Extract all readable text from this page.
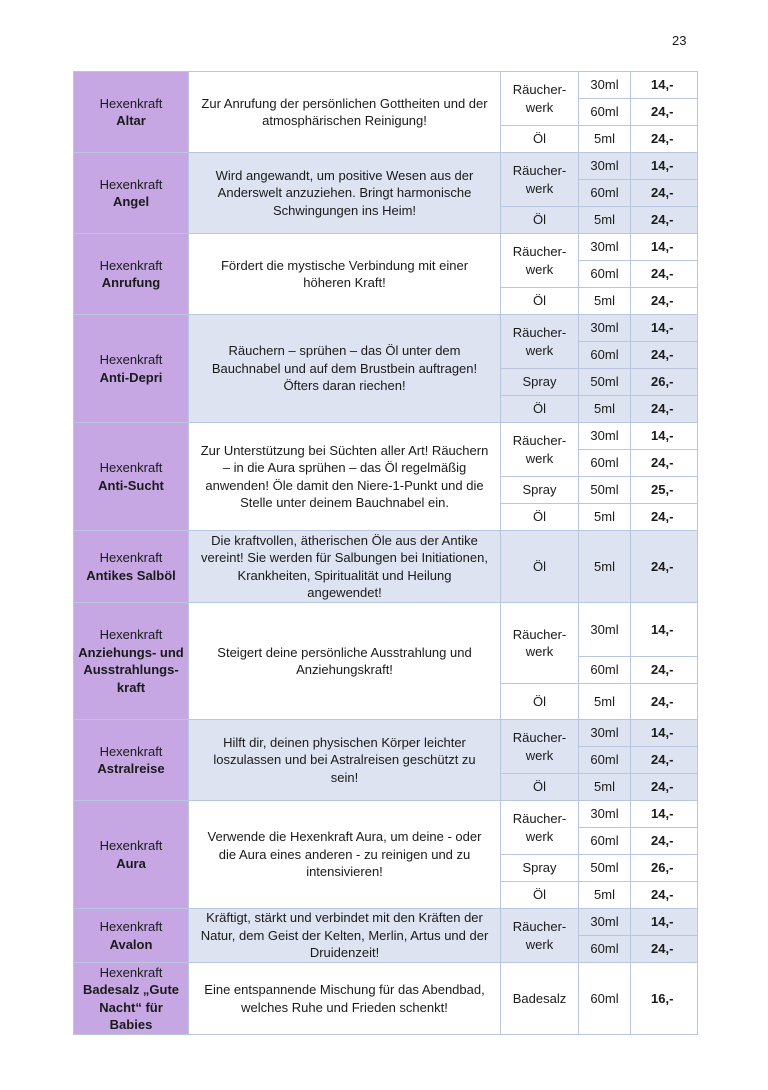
23
Hexenkraft
Altar	Zur Anrufung der persönlichen Gottheiten und der atmosphärischen Reinigung!	Räucher-werk	30ml	14,-
			60ml	24,-
		Öl	5ml	24,-

Hexenkraft
Angel	Wird angewandt, um positive Wesen aus der Anderswelt anzuziehen. Bringt harmonische Schwingungen ins Heim!	Räucher-werk	30ml	14,-
			60ml	24,-
		Öl	5ml	24,-

Hexenkraft
Anrufung	Fördert die mystische Verbindung mit einer höheren Kraft!	Räucher-werk	30ml	14,-
			60ml	24,-
		Öl	5ml	24,-

Hexenkraft
Anti-Depri	Räuchern – sprühen – das Öl unter dem Bauchnabel und auf dem Brustbein auftragen! Öfters daran riechen!	Räucher-werk	30ml	14,-
			60ml	24,-
		Spray	50ml	26,-
		Öl	5ml	24,-

Hexenkraft
Anti-Sucht	Zur Unterstützung bei Süchten aller Art! Räuchern – in die Aura sprühen – das Öl regelmäßig anwenden! Öle damit den Niere-1-Punkt und die Stelle unter deinem Bauchnabel ein.	Räucher-werk	30ml	14,-
			60ml	24,-
		Spray	50ml	25,-
		Öl	5ml	24,-

Hexenkraft
Antikes Salböl	Die kraftvollen, ätherischen Öle aus der Antike vereint! Sie werden für Salbungen bei Initiationen, Krankheiten, Spiritualität und Heilung angewendet!	Öl	5ml	24,-

Hexenkraft
Anziehungs- und Ausstrahlungs- kraft	Steigert deine persönliche Ausstrahlung und Anziehungskraft!	Räucher-werk	30ml	14,-
			60ml	24,-
		Öl	5ml	24,-

Hexenkraft
Astralreise	Hilft dir, deinen physischen Körper leichter loszulassen und bei Astralreisen geschützt zu sein!	Räucher-werk	30ml	14,-
			60ml	24,-
		Öl	5ml	24,-

Hexenkraft
Aura	Verwende die Hexenkraft Aura, um deine - oder die Aura eines anderen - zu reinigen und zu intensivieren!	Räucher-werk	30ml	14,-
			60ml	24,-
		Spray	50ml	26,-
		Öl	5ml	24,-

Hexenkraft
Avalon	Kräftigt, stärkt und verbindet mit den Kräften der Natur, dem Geist der Kelten, Merlin, Artus und der Druidenzeit!	Räucher-werk	30ml	14,-
			60ml	24,-

Hexenkraft
Badesalz „Gute Nacht“ für Babies	Eine entspannende Mischung für das Abendbad, welches Ruhe und Frieden schenkt!	Badesalz	60ml	16,-
